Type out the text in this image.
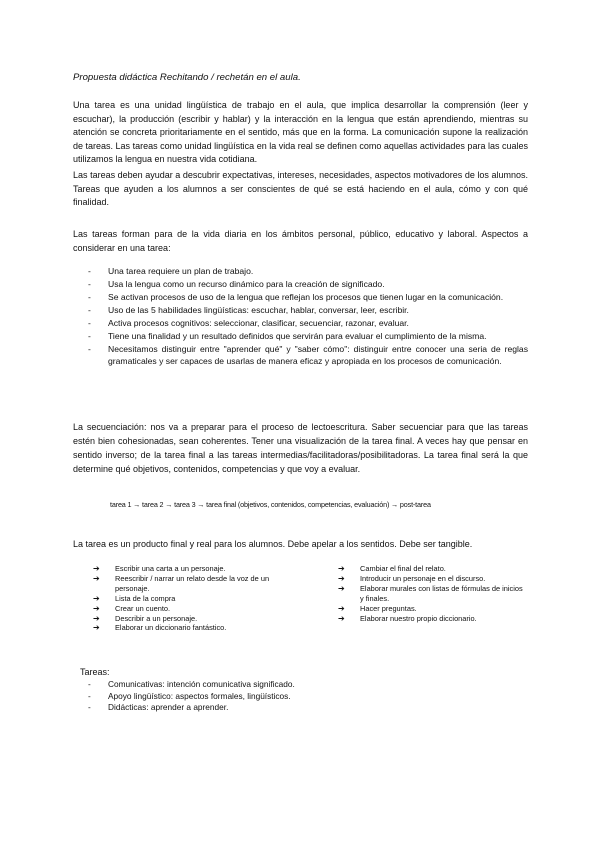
Propuesta didáctica Rechitando / rechetán en el aula.

Una tarea es una unidad lingüística de trabajo en el aula, que implica desarrollar la comprensión (leer y escuchar), la producción (escribir y hablar) y la interacción en la lengua que están aprendiendo, mientras su atención se concreta prioritariamente en el sentido, más que en la forma. La comunicación supone la realización de tareas. Las tareas como unidad lingüística en la vida real se definen como aquellas actividades para las cuales utilizamos la lengua en nuestra vida cotidiana.

Las tareas deben ayudar a descubrir expectativas, intereses, necesidades, aspectos motivadores de los alumnos. Tareas que ayuden a los alumnos a ser conscientes de qué se está haciendo en el aula, cómo y con qué finalidad.

Las tareas forman para de la vida diaria en los ámbitos personal, público, educativo y laboral. Aspectos a considerar en una tarea:

- Una tarea requiere un plan de trabajo.
- Usa la lengua como un recurso dinámico para la creación de significado.
- Se activan procesos de uso de la lengua que reflejan los procesos que tienen lugar en la comunicación.
- Uso de las 5 habilidades lingüísticas: escuchar, hablar, conversar, leer, escribir.
- Activa procesos cognitivos: seleccionar, clasificar, secuenciar, razonar, evaluar.
- Tiene una finalidad y un resultado definidos que servirán para evaluar el cumplimiento de la misma.
- Necesitamos distinguir entre "aprender qué" y "saber cómo": distinguir entre conocer una seria de reglas gramaticales y ser capaces de usarlas de manera eficaz y apropiada en los procesos de comunicación.

La secuenciación: nos va a preparar para el proceso de lectoescritura. Saber secuenciar para que las tareas estén bien cohesionadas, sean coherentes. Tener una visualización de la tarea final. A veces hay que pensar en sentido inverso; de la tarea final a las tareas intermedias/facilitadoras/posibilitadoras. La tarea final será la que determine qué objetivos, contenidos, competencias y que voy a evaluar.

tarea 1 → tarea 2 → tarea 3 → tarea final (objetivos, contenidos, competencias, evaluación) → post-tarea

La tarea es un producto final y real para los alumnos. Debe apelar a los sentidos. Debe ser tangible.

➔ Escribir una carta a un personaje.
➔ Reescribir / narrar un relato desde la voz de un personaje.
➔ Lista de la compra
➔ Crear un cuento.
➔ Describir a un personaje.
➔ Elaborar un diccionario fantástico.
➔ Cambiar el final del relato.
➔ Introducir un personaje en el discurso.
➔ Elaborar murales con listas de fórmulas de inicios y finales.
➔ Hacer preguntas.
➔ Elaborar nuestro propio diccionario.
Tareas:
- Comunicativas: intención comunicativa significado.
- Apoyo lingüístico: aspectos formales, lingüísticos.
- Didácticas: aprender a aprender.
